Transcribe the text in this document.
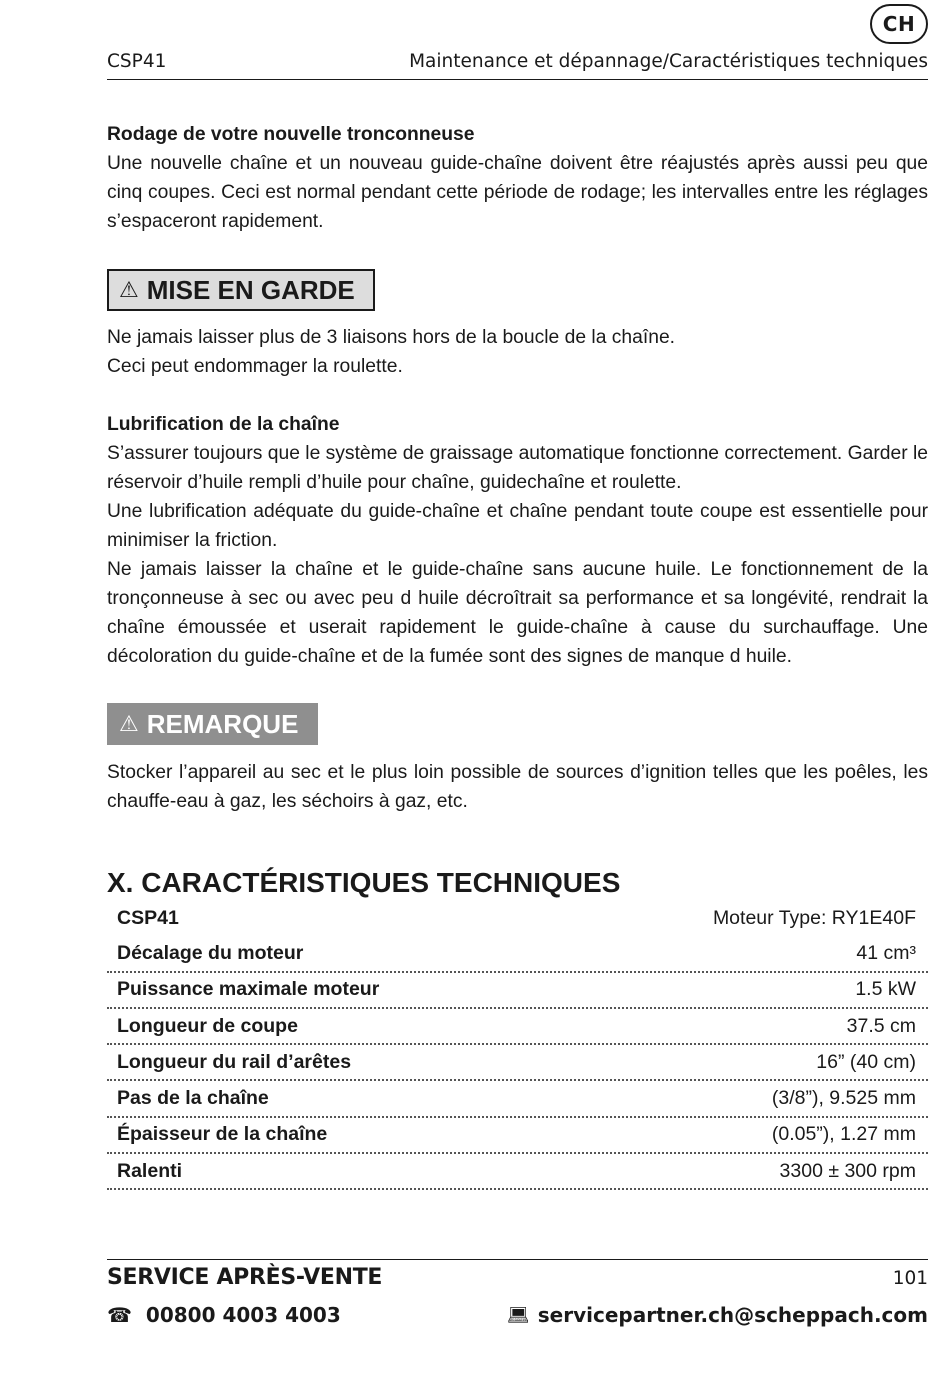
CH
CSP41	Maintenance et dépannage/Caractéristiques techniques
Rodage de votre nouvelle tronconneuse

Une nouvelle chaîne et un nouveau guide-chaîne doivent être réajustés après aussi peu que cinq coupes. Ceci est normal pendant cette période de rodage; les intervalles entre les réglages s’espaceront rapidement.

⚠ MISE EN GARDE

Ne jamais laisser plus de 3 liaisons hors de la boucle de la chaîne.

Ceci peut endommager la roulette.

Lubrification de la chaîne

S’assurer toujours que le système de graissage automatique fonctionne correctement. Garder le réservoir d’huile rempli d’huile pour chaîne, guidechaîne et roulette.

Une lubrification adéquate du guide-chaîne et chaîne pendant toute coupe est essentielle pour minimiser la friction.

Ne jamais laisser la chaîne et le guide-chaîne sans aucune huile. Le fonctionnement de la tronçonneuse à sec ou avec peu d huile décroîtrait sa performance et sa longévité, rendrait la chaîne émoussée et userait rapidement le guide-chaîne à cause du surchauffage. Une décoloration du guide-chaîne et de la fumée sont des signes de manque d huile.

⚠ REMARQUE

Stocker l’appareil au sec et le plus loin possible de sources d’ignition telles que les poêles, les chauffe-eau à gaz, les séchoirs à gaz, etc.

X. CARACTÉRISTIQUES TECHNIQUES
CSP41	Moteur Type: RY1E40F
Décalage du moteur	41 cm³
Puissance maximale moteur	1.5 kW
Longueur de coupe	37.5 cm
Longueur du rail d’arêtes	16” (40 cm)
Pas de la chaîne	(3/8”), 9.525 mm
Épaisseur de la chaîne	(0.05”), 1.27 mm
Ralenti	3300 ± 300 rpm
SERVICE APRÈS-VENTE	101
☎ 00800 4003 4003	💻︎ servicepartner.ch@scheppach.com
